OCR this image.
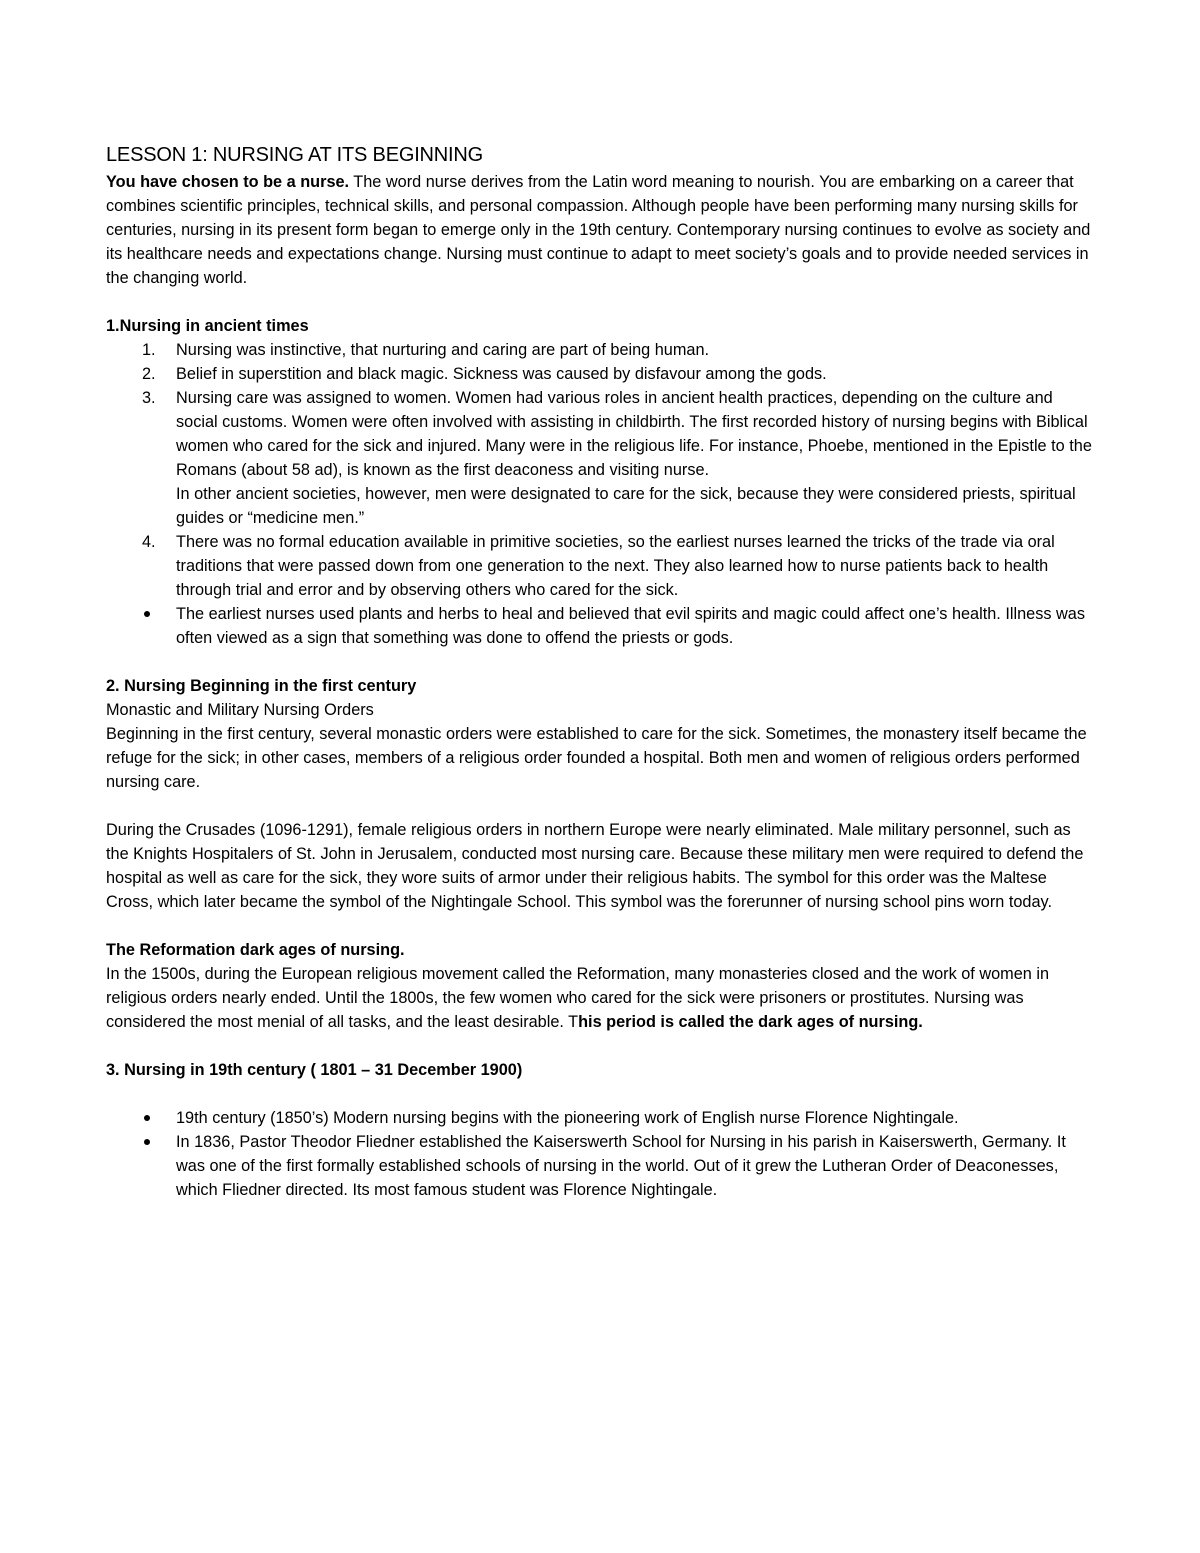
LESSON 1: NURSING AT ITS BEGINNING

You have chosen to be a nurse. The word nurse derives from the Latin word meaning to nourish. You are embarking on a career that combines scientific principles, technical skills, and personal compassion. Although people have been performing many nursing skills for centuries, nursing in its present form began to emerge only in the 19th century. Contemporary nursing continues to evolve as society and its healthcare needs and expectations change. Nursing must continue to adapt to meet society’s goals and to provide needed services in the changing world.

1.Nursing in ancient times

1.	Nursing was instinctive, that nurturing and caring are part of being human.
2.	Belief in superstition and black magic. Sickness was caused by disfavour among the gods.
3.	Nursing care was assigned to women. Women had various roles in ancient health practices, depending on the culture and social customs. Women were often involved with assisting in childbirth. The first recorded history of nursing begins with Biblical women who cared for the sick and injured. Many were in the religious life. For instance, Phoebe, mentioned in the Epistle to the Romans (about 58 ad), is known as the first deaconess and visiting nurse.

In other ancient societies, however, men were designated to care for the sick, because they were considered priests, spiritual guides or “medicine men.”

4.	There was no formal education available in primitive societies, so the earliest nurses learned the tricks of the trade via oral traditions that were passed down from one generation to the next. They also learned how to nurse patients back to health through trial and error and by observing others who cared for the sick.
The earliest nurses used plants and herbs to heal and believed that evil spirits and magic could affect one’s health. Illness was often viewed as a sign that something was done to offend the priests or gods.

2. Nursing Beginning in the first century

Monastic and Military Nursing Orders

Beginning in the first century, several monastic orders were established to care for the sick. Sometimes, the monastery itself became the refuge for the sick; in other cases, members of a religious order founded a hospital. Both men and women of religious orders performed nursing care.

During the Crusades (1096-1291), female religious orders in northern Europe were nearly eliminated. Male military personnel, such as the Knights Hospitalers of St. John in Jerusalem, conducted most nursing care. Because these military men were required to defend the hospital as well as care for the sick, they wore suits of armor under their religious habits. The symbol for this order was the Maltese Cross, which later became the symbol of the Nightingale School. This symbol was the forerunner of nursing school pins worn today.

The Reformation dark ages of nursing.

In the 1500s, during the European religious movement called the Reformation, many monasteries closed and the work of women in religious orders nearly ended. Until the 1800s, the few women who cared for the sick were prisoners or prostitutes. Nursing was considered the most menial of all tasks, and the least desirable. This period is called the dark ages of nursing.

3. Nursing in 19th century ( 1801 – 31 December 1900)

19th century (1850’s) Modern nursing begins with the pioneering work of English nurse Florence Nightingale.
In 1836, Pastor Theodor Fliedner established the Kaiserswerth School for Nursing in his parish in Kaiserswerth, Germany. It was one of the first formally established schools of nursing in the world. Out of it grew the Lutheran Order of Deaconesses, which Fliedner directed. Its most famous student was Florence Nightingale.
